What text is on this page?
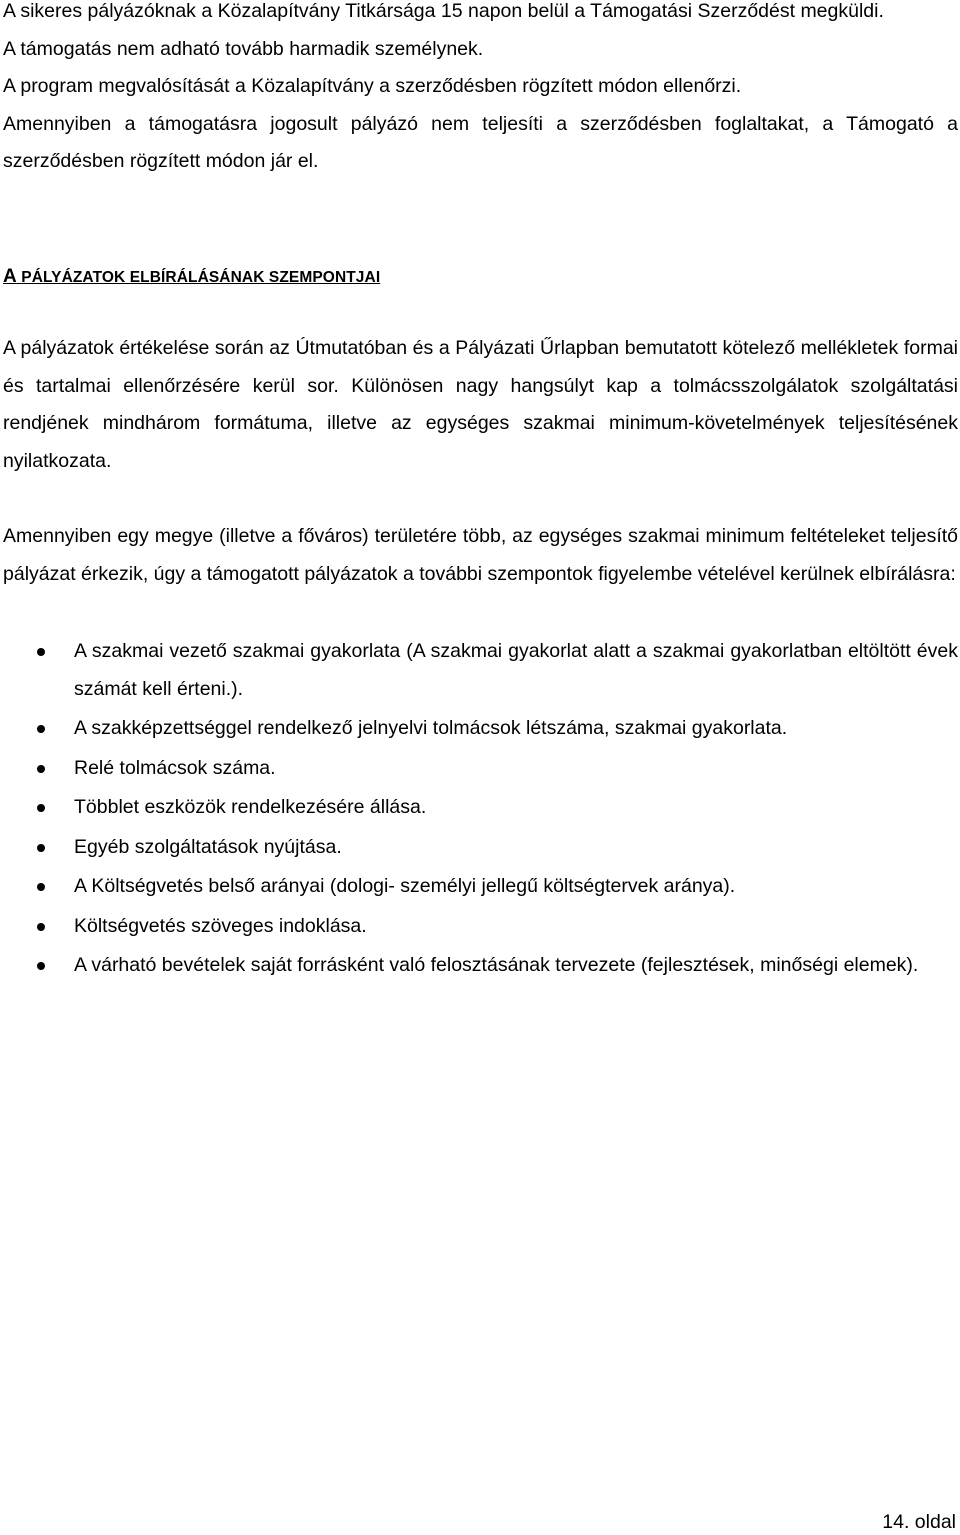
A sikeres pályázóknak a Közalapítvány Titkársága 15 napon belül a Támogatási Szerződést megküldi.

A támogatás nem adható tovább harmadik személynek.

A program megvalósítását a Közalapítvány a szerződésben rögzített módon ellenőrzi.

Amennyiben a támogatásra jogosult pályázó nem teljesíti a szerződésben foglaltakat, a Támogató a szerződésben rögzített módon jár el.

A PÁLYÁZATOK ELBÍRÁLÁSÁNAK SZEMPONTJAI

A pályázatok értékelése során az Útmutatóban és a Pályázati Űrlapban bemutatott kötelező mellékletek formai és tartalmai ellenőrzésére kerül sor. Különösen nagy hangsúlyt kap a tolmácsszolgálatok szolgáltatási rendjének mindhárom formátuma, illetve az egységes szakmai minimum-követelmények teljesítésének nyilatkozata.

Amennyiben egy megye (illetve a főváros) területére több, az egységes szakmai minimum feltételeket teljesítő pályázat érkezik, úgy a támogatott pályázatok a további szempontok figyelembe vételével kerülnek elbírálásra:

A szakmai vezető szakmai gyakorlata (A szakmai gyakorlat alatt a szakmai gyakorlatban eltöltött évek számát kell érteni.).
A szakképzettséggel rendelkező jelnyelvi tolmácsok létszáma, szakmai gyakorlata.
Relé tolmácsok száma.
Többlet eszközök rendelkezésére állása.
Egyéb szolgáltatások nyújtása.
A Költségvetés belső arányai (dologi- személyi jellegű költségtervek aránya).
Költségvetés szöveges indoklása.
A várható bevételek saját forrásként való felosztásának tervezete (fejlesztések, minőségi elemek).
14. oldal
